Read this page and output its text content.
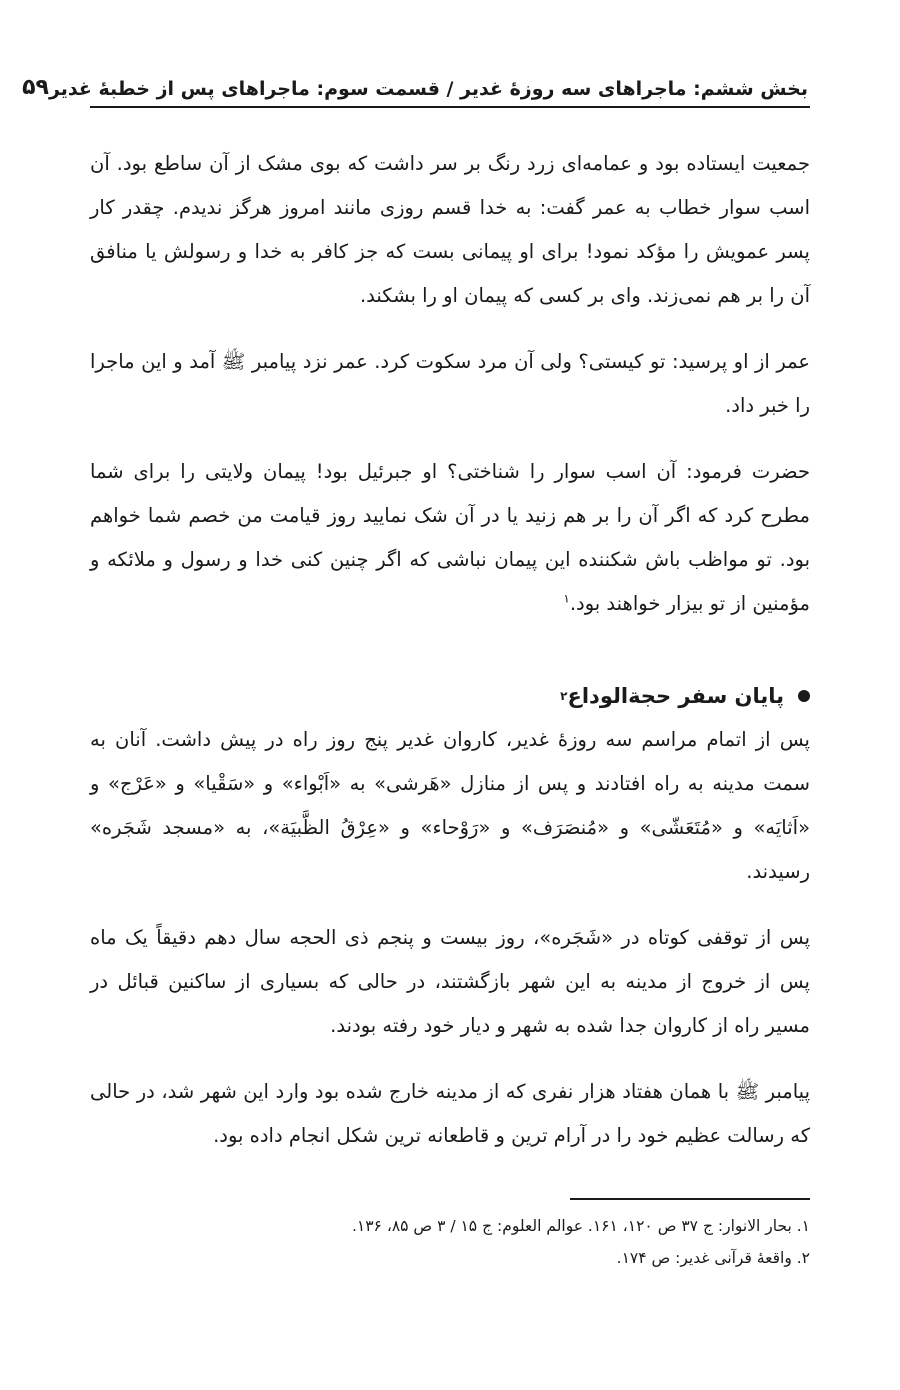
بخش ششم: ماجراهای سه روزهٔ غدیر / قسمت سوم: ماجراهای پس از خطبهٔ غدیر
۵۹

جمعیت ایستاده بود و عمامه‌ای زرد رنگ بر سر داشت که بوی مشک از آن ساطع بود. آن اسب سوار خطاب به عمر گفت: به خدا قسم روزی مانند امروز هرگز ندیدم. چقدر کار پسر عمویش را مؤکد نمود! برای او پیمانی بست که جز کافر به خدا و رسولش یا منافق آن را بر هم نمی‌زند. وای بر کسی که پیمان او را بشکند.

عمر از او پرسید: تو کیستی؟ ولی آن مرد سکوت کرد. عمر نزد پیامبر ﷺ آمد و این ماجرا را خبر داد.

حضرت فرمود: آن اسب سوار را شناختی؟ او جبرئیل بود! پیمان ولایتی را برای شما مطرح کرد که اگر آن را بر هم زنید یا در آن شک نمایید روز قیامت من خصم شما خواهم بود. تو مواظب باش شکننده این پیمان نباشی که اگر چنین کنی خدا و رسول و ملائکه و مؤمنین از تو بیزار خواهند بود.$^۱$

پایان سفر حجة‌الوداع
۲

پس از اتمام مراسم سه روزهٔ غدیر، کاروان غدیر پنج روز راه در پیش داشت. آنان به سمت مدینه به راه افتادند و پس از منازل «هَرشی» به «اَبْواء» و «سَقْیا» و «عَرْج» و «اَثایَه» و «مُتَعَشّی» و «مُنصَرَف» و «رَوْحاء» و «عِرْقُ الظَّبیَة»، به «مسجد شَجَره» رسیدند.

پس از توقفی کوتاه در «شَجَره»، روز بیست و پنجم ذی الحجه سال دهم دقیقاً یک ماه پس از خروج از مدینه به این شهر بازگشتند، در حالی که بسیاری از ساکنین قبائل در مسیر راه از کاروان جدا شده به شهر و دیار خود رفته بودند.

پیامبر ﷺ با همان هفتاد هزار نفری که از مدینه خارج شده بود وارد این شهر شد، در حالی که رسالت عظیم خود را در آرام ترین و قاطعانه ترین شکل انجام داده بود.

۱. بحار الانوار: ج ۳۷ ص ۱۲۰، ۱۶۱. عوالم العلوم: ج ۱۵ / ۳ ص ۸۵، ۱۳۶.
۲. واقعهٔ قرآنی غدیر: ص ۱۷۴.
